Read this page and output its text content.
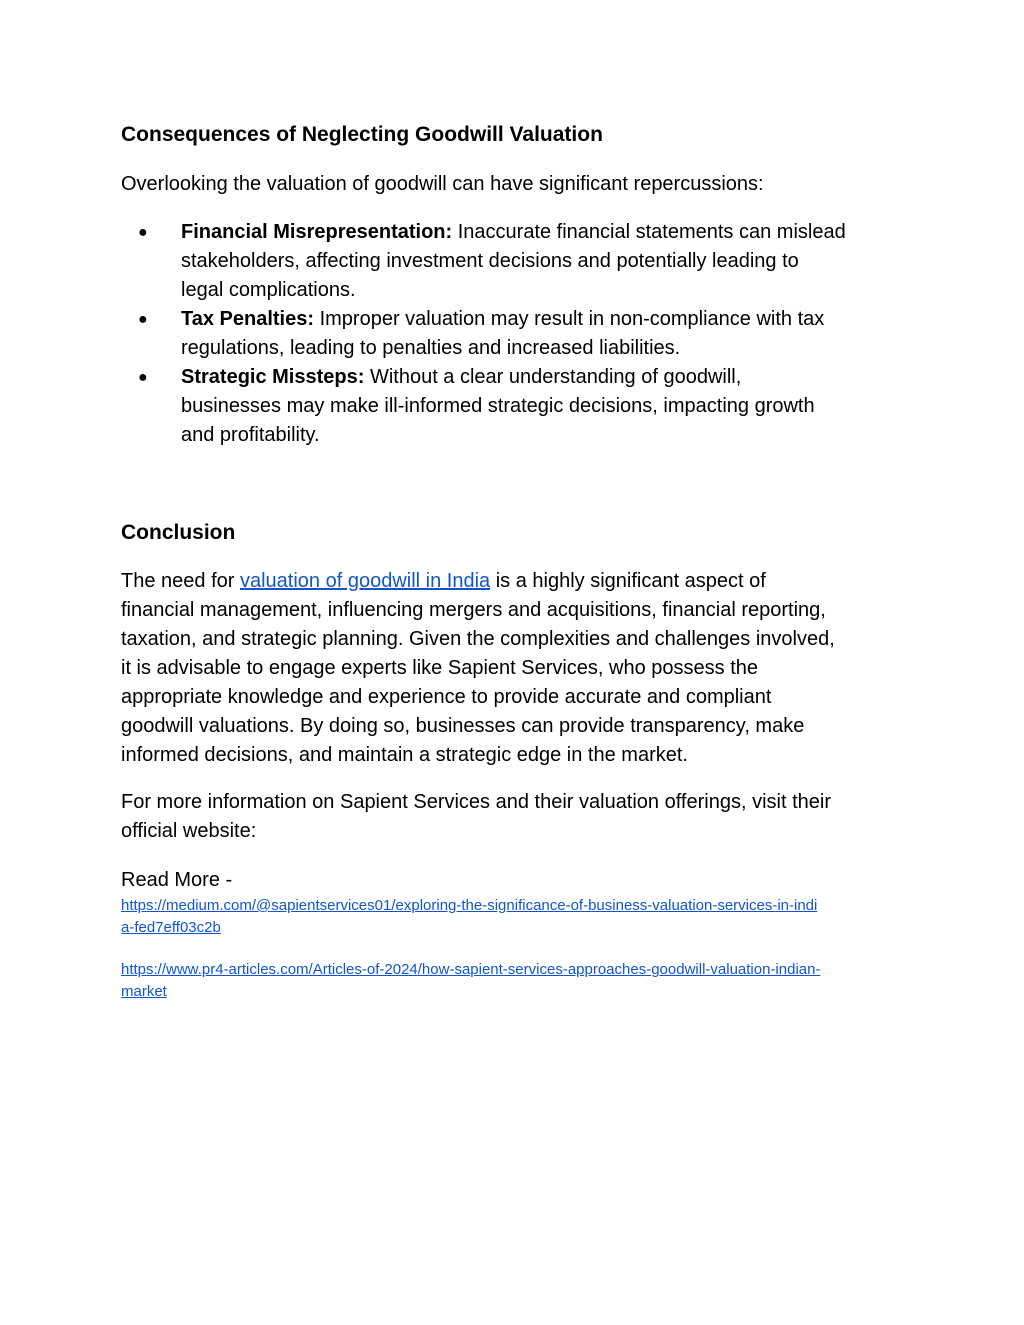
Consequences of Neglecting Goodwill Valuation

Overlooking the valuation of goodwill can have significant repercussions:

● Financial Misrepresentation: Inaccurate financial statements can mislead
stakeholders, affecting investment decisions and potentially leading to
legal complications.
● Tax Penalties: Improper valuation may result in non-compliance with tax
regulations, leading to penalties and increased liabilities.
● Strategic Missteps: Without a clear understanding of goodwill,
businesses may make ill-informed strategic decisions, impacting growth
and profitability.
Conclusion

The need for valuation of goodwill in India is a highly significant aspect of
financial management, influencing mergers and acquisitions, financial reporting,
taxation, and strategic planning. Given the complexities and challenges involved,
it is advisable to engage experts like Sapient Services, who possess the
appropriate knowledge and experience to provide accurate and compliant
goodwill valuations. By doing so, businesses can provide transparency, make
informed decisions, and maintain a strategic edge in the market.

For more information on Sapient Services and their valuation offerings, visit their
official website:

Read More -

https://medium.com/@sapientservices01/exploring-the-significance-of-business-valuation-services-in-indi
a-fed7eff03c2b
https://www.pr4-articles.com/Articles-of-2024/how-sapient-services-approaches-goodwill-valuation-indian-
market
